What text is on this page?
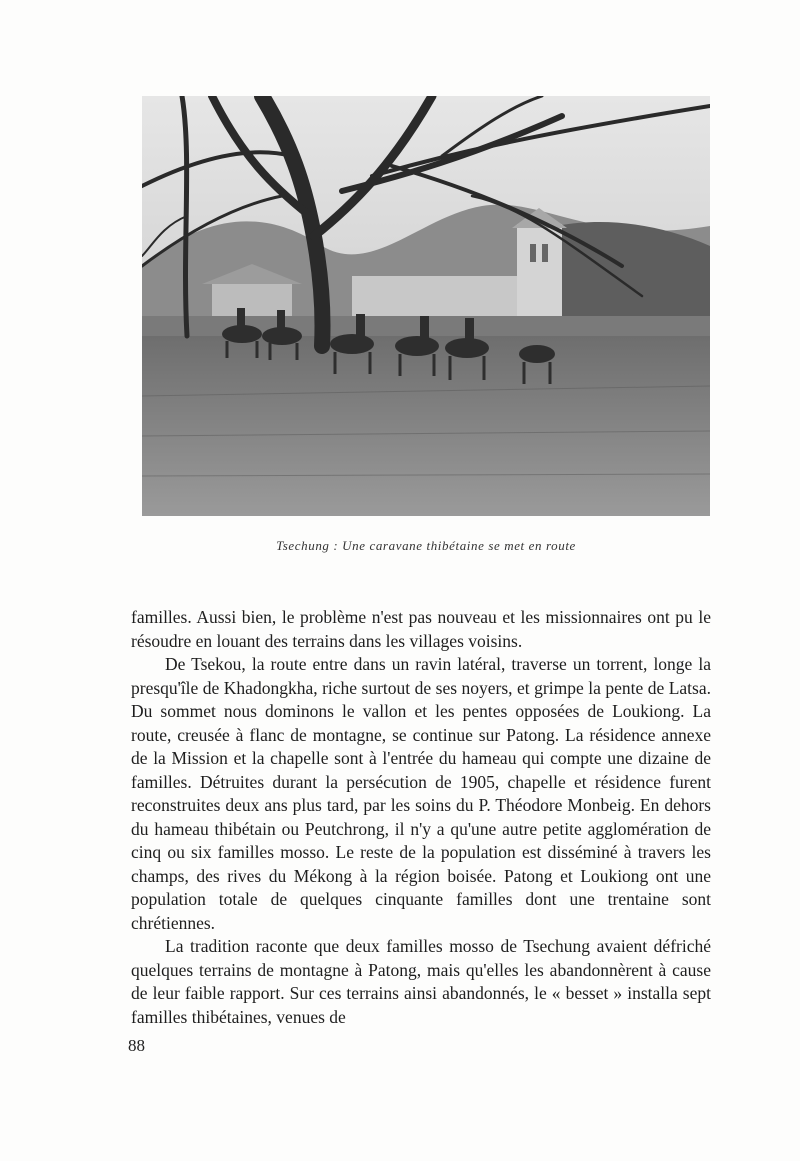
Tsechung : Une caravane thibétaine se met en route

familles. Aussi bien, le problème n'est pas nouveau et les missionnaires ont pu le résoudre en louant des terrains dans les villages voisins.

De Tsekou, la route entre dans un ravin latéral, traverse un torrent, longe la presqu'île de Khadongkha, riche surtout de ses noyers, et grimpe la pente de Latsa. Du sommet nous dominons le vallon et les pentes opposées de Loukiong. La route, creusée à flanc de montagne, se continue sur Patong. La résidence annexe de la Mission et la chapelle sont à l'entrée du hameau qui compte une dizaine de familles. Détruites durant la persécution de 1905, chapelle et résidence furent reconstruites deux ans plus tard, par les soins du P. Théodore Monbeig. En dehors du hameau thibétain ou Peutchrong, il n'y a qu'une autre petite agglomération de cinq ou six familles mosso. Le reste de la population est disséminé à travers les champs, des rives du Mékong à la région boisée. Patong et Loukiong ont une population totale de quelques cinquante familles dont une trentaine sont chrétiennes.

La tradition raconte que deux familles mosso de Tsechung avaient défriché quelques terrains de montagne à Patong, mais qu'elles les abandonnèrent à cause de leur faible rapport. Sur ces terrains ainsi abandonnés, le « besset » installa sept familles thibétaines, venues de

88
